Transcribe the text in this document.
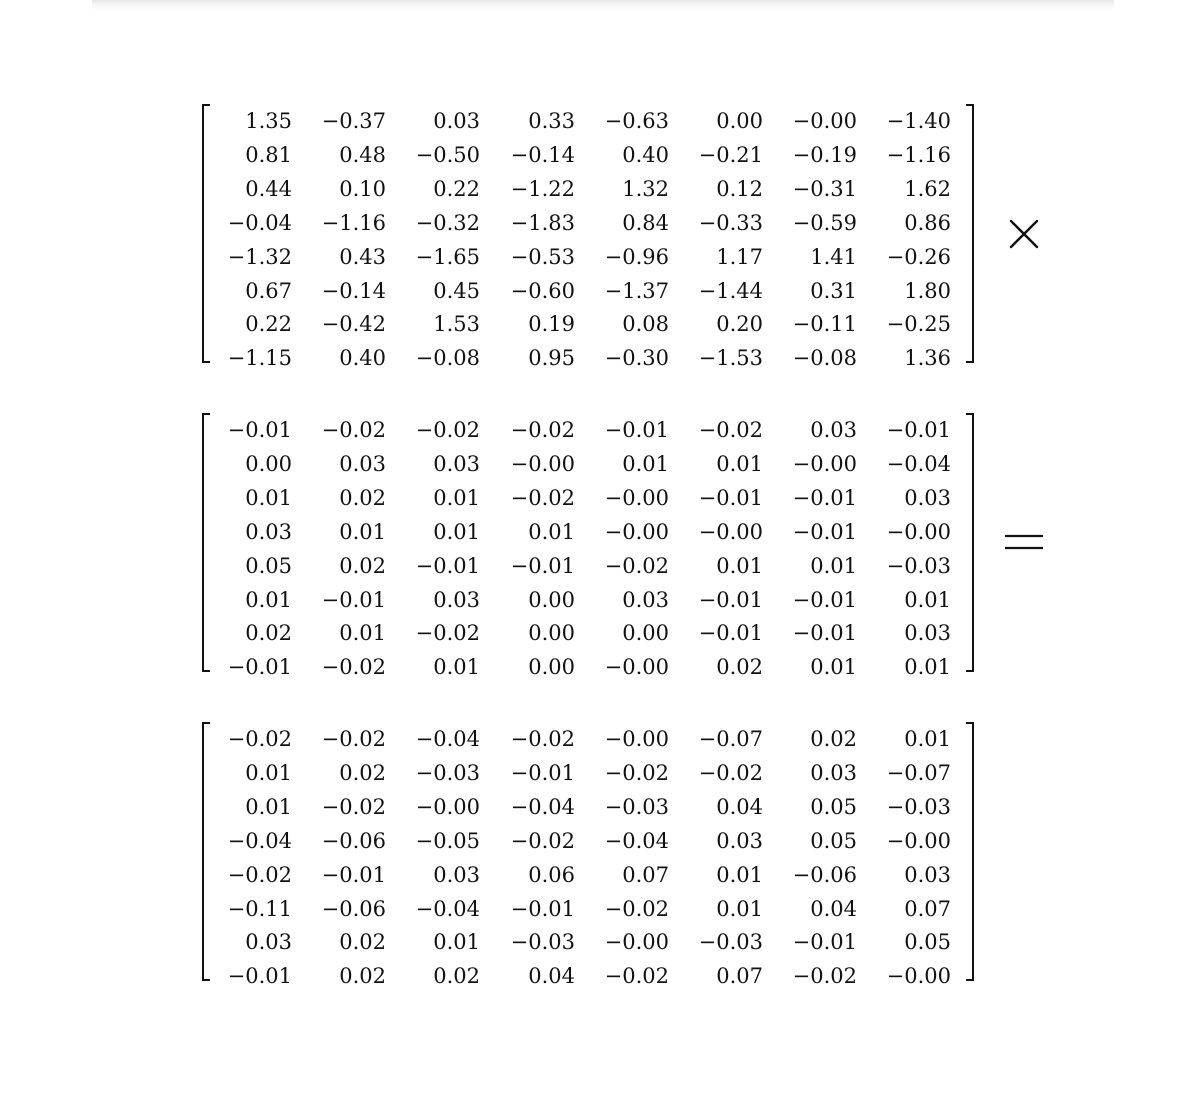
1.35	−0.37	0.03	0.33	−0.63	0.00	−0.00	−1.40
0.81	0.48	−0.50	−0.14	0.40	−0.21	−0.19	−1.16
0.44	0.10	0.22	−1.22	1.32	0.12	−0.31	1.62
−0.04	−1.16	−0.32	−1.83	0.84	−0.33	−0.59	0.86
−1.32	0.43	−1.65	−0.53	−0.96	1.17	1.41	−0.26
0.67	−0.14	0.45	−0.60	−1.37	−1.44	0.31	1.80
0.22	−0.42	1.53	0.19	0.08	0.20	−0.11	−0.25
−1.15	0.40	−0.08	0.95	−0.30	−1.53	−0.08	1.36
−0.01	−0.02	−0.02	−0.02	−0.01	−0.02	0.03	−0.01
0.00	0.03	0.03	−0.00	0.01	0.01	−0.00	−0.04
0.01	0.02	0.01	−0.02	−0.00	−0.01	−0.01	0.03
0.03	0.01	0.01	0.01	−0.00	−0.00	−0.01	−0.00
0.05	0.02	−0.01	−0.01	−0.02	0.01	0.01	−0.03
0.01	−0.01	0.03	0.00	0.03	−0.01	−0.01	0.01
0.02	0.01	−0.02	0.00	0.00	−0.01	−0.01	0.03
−0.01	−0.02	0.01	0.00	−0.00	0.02	0.01	0.01
−0.02	−0.02	−0.04	−0.02	−0.00	−0.07	0.02	0.01
0.01	0.02	−0.03	−0.01	−0.02	−0.02	0.03	−0.07
0.01	−0.02	−0.00	−0.04	−0.03	0.04	0.05	−0.03
−0.04	−0.06	−0.05	−0.02	−0.04	0.03	0.05	−0.00
−0.02	−0.01	0.03	0.06	0.07	0.01	−0.06	0.03
−0.11	−0.06	−0.04	−0.01	−0.02	0.01	0.04	0.07
0.03	0.02	0.01	−0.03	−0.00	−0.03	−0.01	0.05
−0.01	0.02	0.02	0.04	−0.02	0.07	−0.02	−0.00
